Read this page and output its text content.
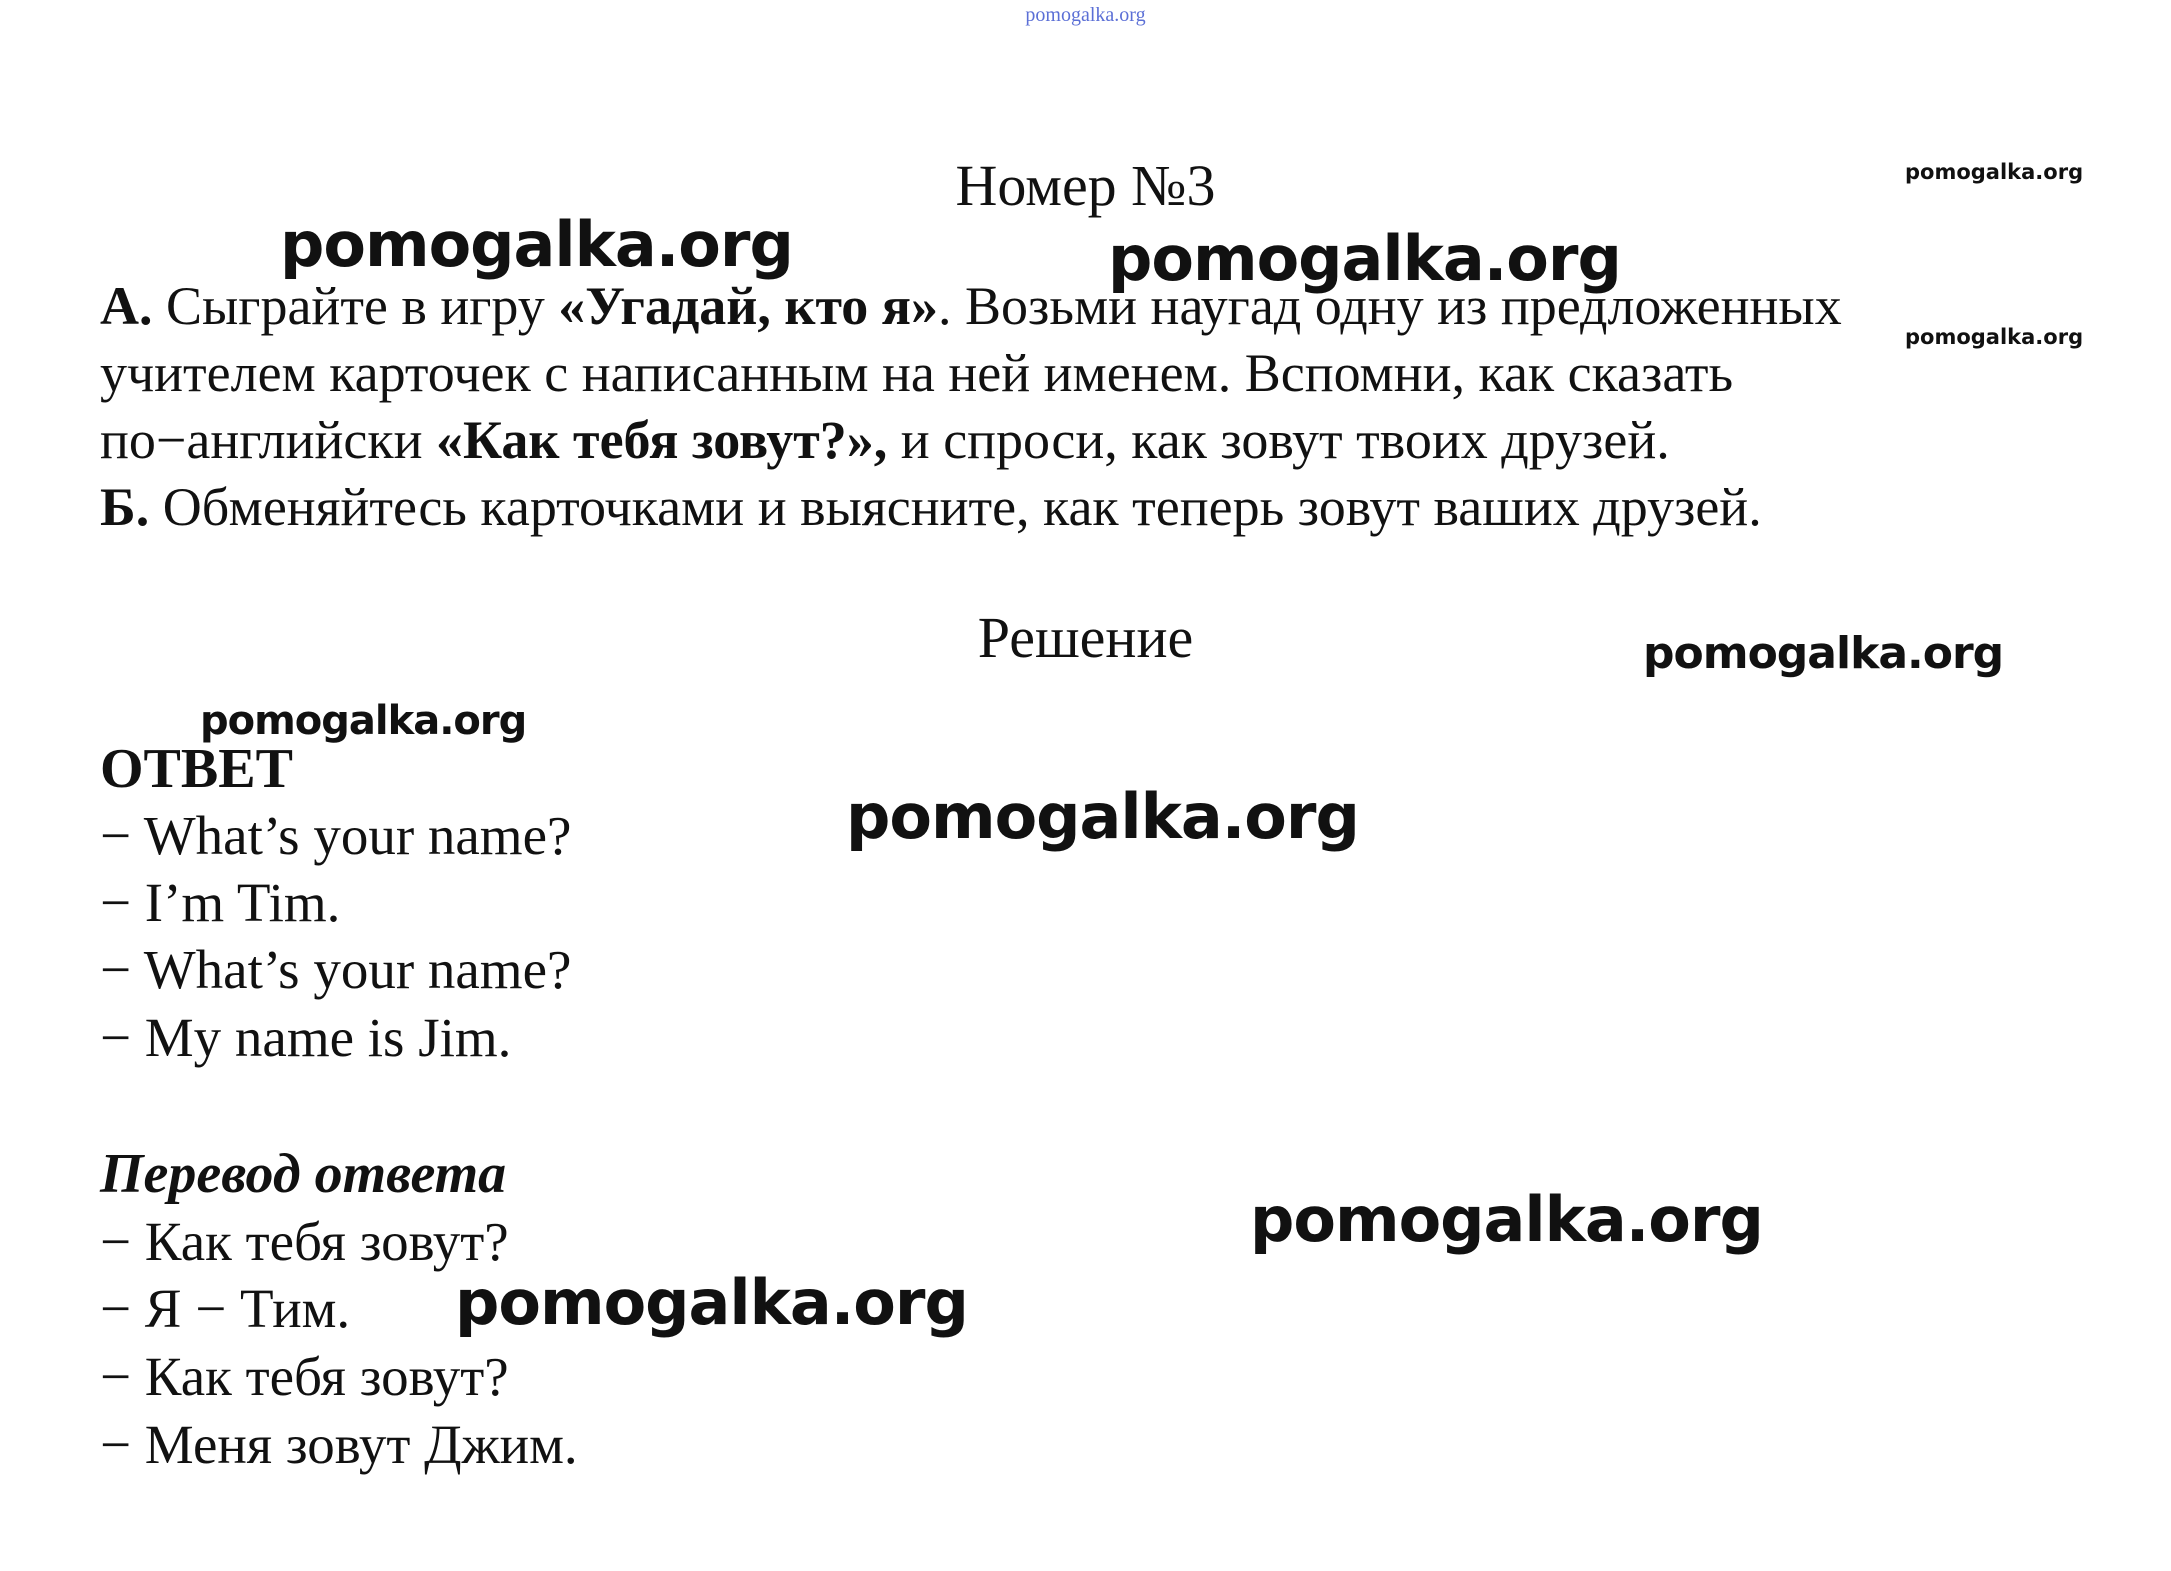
pomogalka.org
pomogalka.org
pomogalka.org	pomogalka.org
pomogalka.org
pomogalka.org
pomogalka.org
pomogalka.org
pomogalka.org
pomogalka.org
Номер №3
А. Сыграйте в игру «Угадай, кто я». Возьми наугад одну из предложенных
учителем карточек с написанным на ней именем. Вспомни, как сказать
по−английски «Как тебя зовут?», и спроси, как зовут твоих друзей.
Б. Обменяйтесь карточками и выясните, как теперь зовут ваших друзей.
Решение
ОТВЕТ
− What’s your name?
− I’m Tim.
− What’s your name?
− My name is Jim.
Перевод ответа
− Как тебя зовут?
− Я − Тим.
− Как тебя зовут?
− Меня зовут Джим.
